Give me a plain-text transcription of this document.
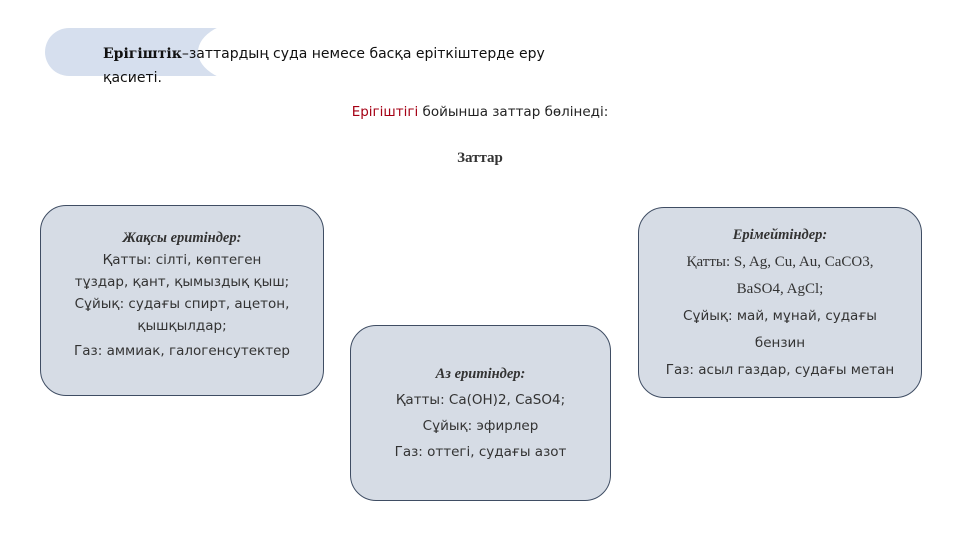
Ерігіштік–заттардың суда немесе басқа еріткіштерде еру қасиеті.
Ерігіштігі бойынша заттар бөлінеді:
Заттар
Жақсы еритіндер:
Қатты: сілті, көптеген
тұздар, қант, қымыздық қыш;
Сұйық: судағы спирт, ацетон,
қышқылдар;
Газ: аммиак, галогенсутектер
Аз еритіндер:
Қатты: Ca(OH)2, CaSO4;
Сұйық: эфирлер
Газ: оттегі, судағы азот
Ерімейтіндер:
Қатты: S, Ag, Cu, Au, CaCO3,
BaSO4, AgCl;
Сұйық: май, мұнай, судағы
бензин
Газ: асыл газдар, судағы метан
